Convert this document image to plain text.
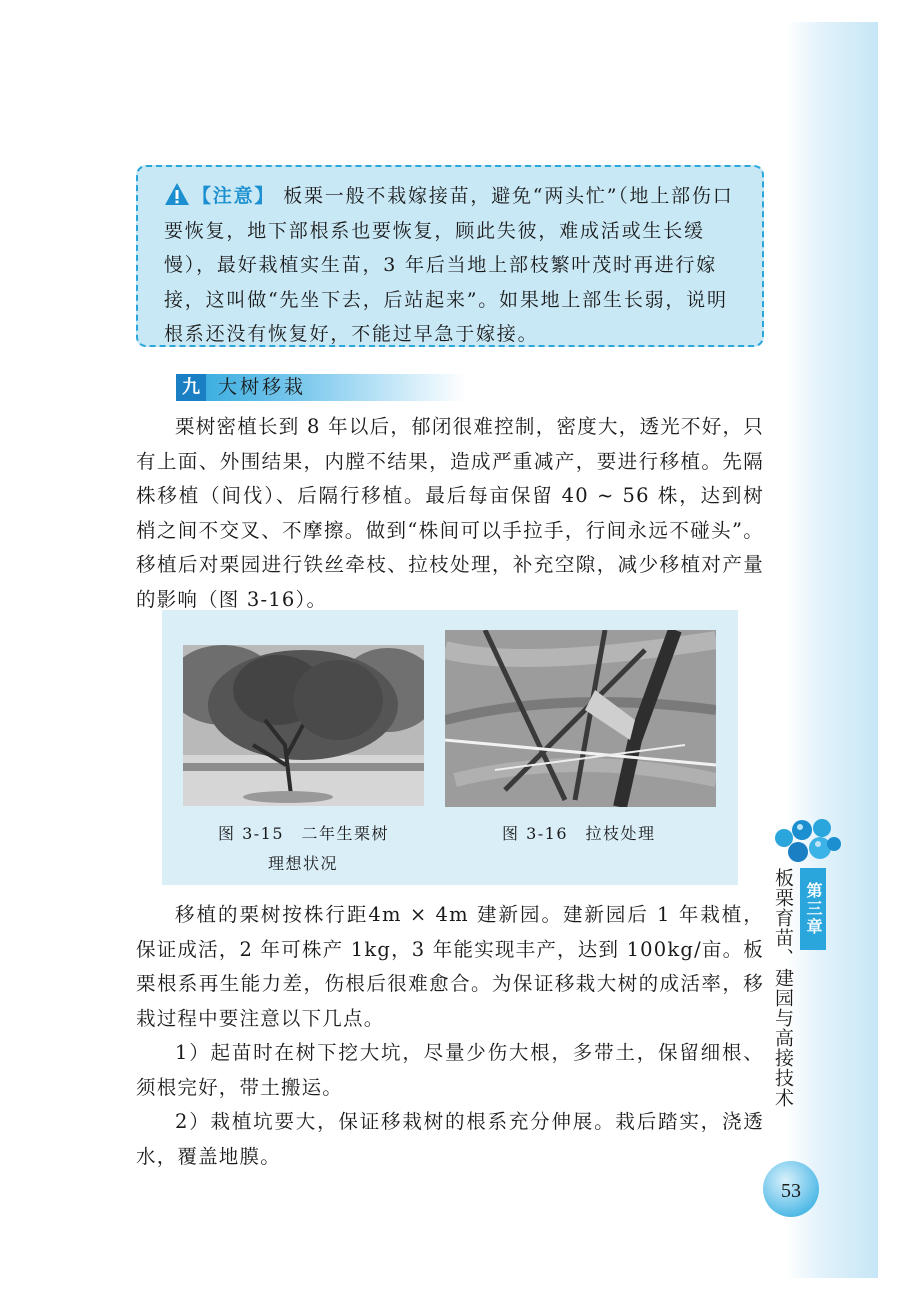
【注意】 板栗一般不栽嫁接苗，避免“两头忙”（地上部伤口要恢复，地下部根系也要恢复，顾此失彼，难成活或生长缓慢），最好栽植实生苗，3 年后当地上部枝繁叶茂时再进行嫁接，这叫做“先坐下去，后站起来”。如果地上部生长弱，说明根系还没有恢复好，不能过早急于嫁接。
九 大树移栽

栗树密植长到 8 年以后，郁闭很难控制，密度大，透光不好，只有上面、外围结果，内膛不结果，造成严重减产，要进行移植。先隔株移植（间伐）、后隔行移植。最后每亩保留 40 ~ 56 株，达到树梢之间不交叉、不摩擦。做到“株间可以手拉手，行间永远不碰头”。移植后对栗园进行铁丝牵枝、拉枝处理，补充空隙，减少移植对产量的影响（图 3-16）。

图 3-15　二年生栗树
理想状况
图 3-16　拉枝处理

移植的栗树按株行距4m × 4m 建新园。建新园后 1 年栽植，保证成活，2 年可株产 1kg，3 年能实现丰产，达到 100kg/亩。板栗根系再生能力差，伤根后很难愈合。为保证移栽大树的成活率，移栽过程中要注意以下几点。

1）起苗时在树下挖大坑，尽量少伤大根，多带土，保留细根、须根完好，带土搬运。

2）栽植坑要大，保证移栽树的根系充分伸展。栽后踏实，浇透水，覆盖地膜。

第三章
板栗育苗、建园与高接技术
53
